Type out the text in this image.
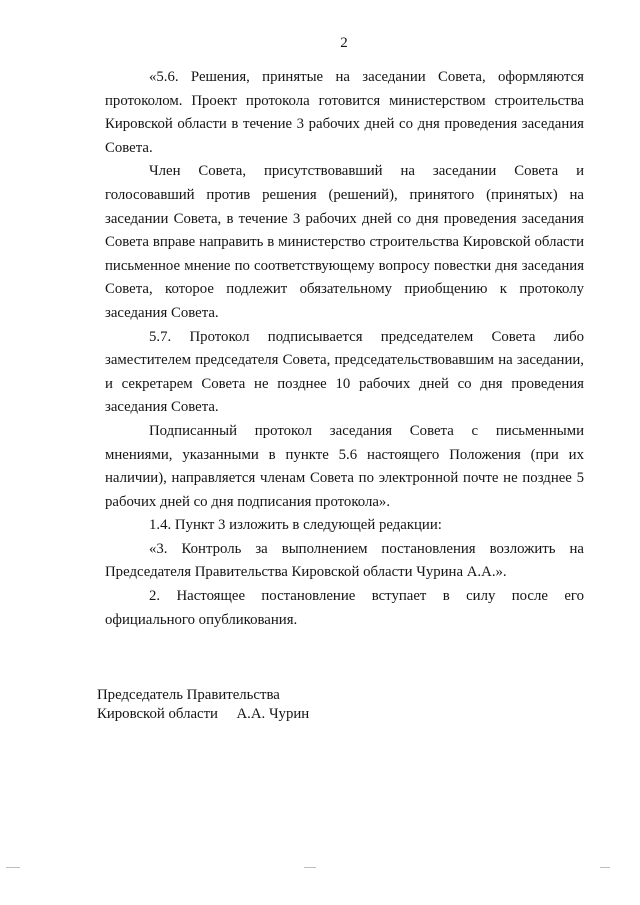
2

«5.6. Решения, принятые на заседании Совета, оформляются протоколом. Проект протокола готовится министерством строительства Кировской области в течение 3 рабочих дней со дня проведения заседания Совета.

Член Совета, присутствовавший на заседании Совета и голосовавший против решения (решений), принятого (принятых) на заседании Совета, в течение 3 рабочих дней со дня проведения заседания Совета вправе направить в министерство строительства Кировской области письменное мнение по соответствующему вопросу повестки дня заседания Совета, которое подлежит обязательному приобщению к протоколу заседания Совета.

5.7. Протокол подписывается председателем Совета либо заместителем председателя Совета, председательствовавшим на заседании, и секретарем Совета не позднее 10 рабочих дней со дня проведения заседания Совета.

Подписанный протокол заседания Совета с письменными мнениями, указанными в пункте 5.6 настоящего Положения (при их наличии), направляется членам Совета по электронной почте не позднее 5 рабочих дней со дня подписания протокола».

1.4. Пункт 3 изложить в следующей редакции:

«3. Контроль за выполнением постановления возложить на Председателя Правительства Кировской области Чурина А.А.».

2. Настоящее постановление вступает в силу после его официального опубликования.

Председатель Правительства
Кировской области А.А. Чурин
